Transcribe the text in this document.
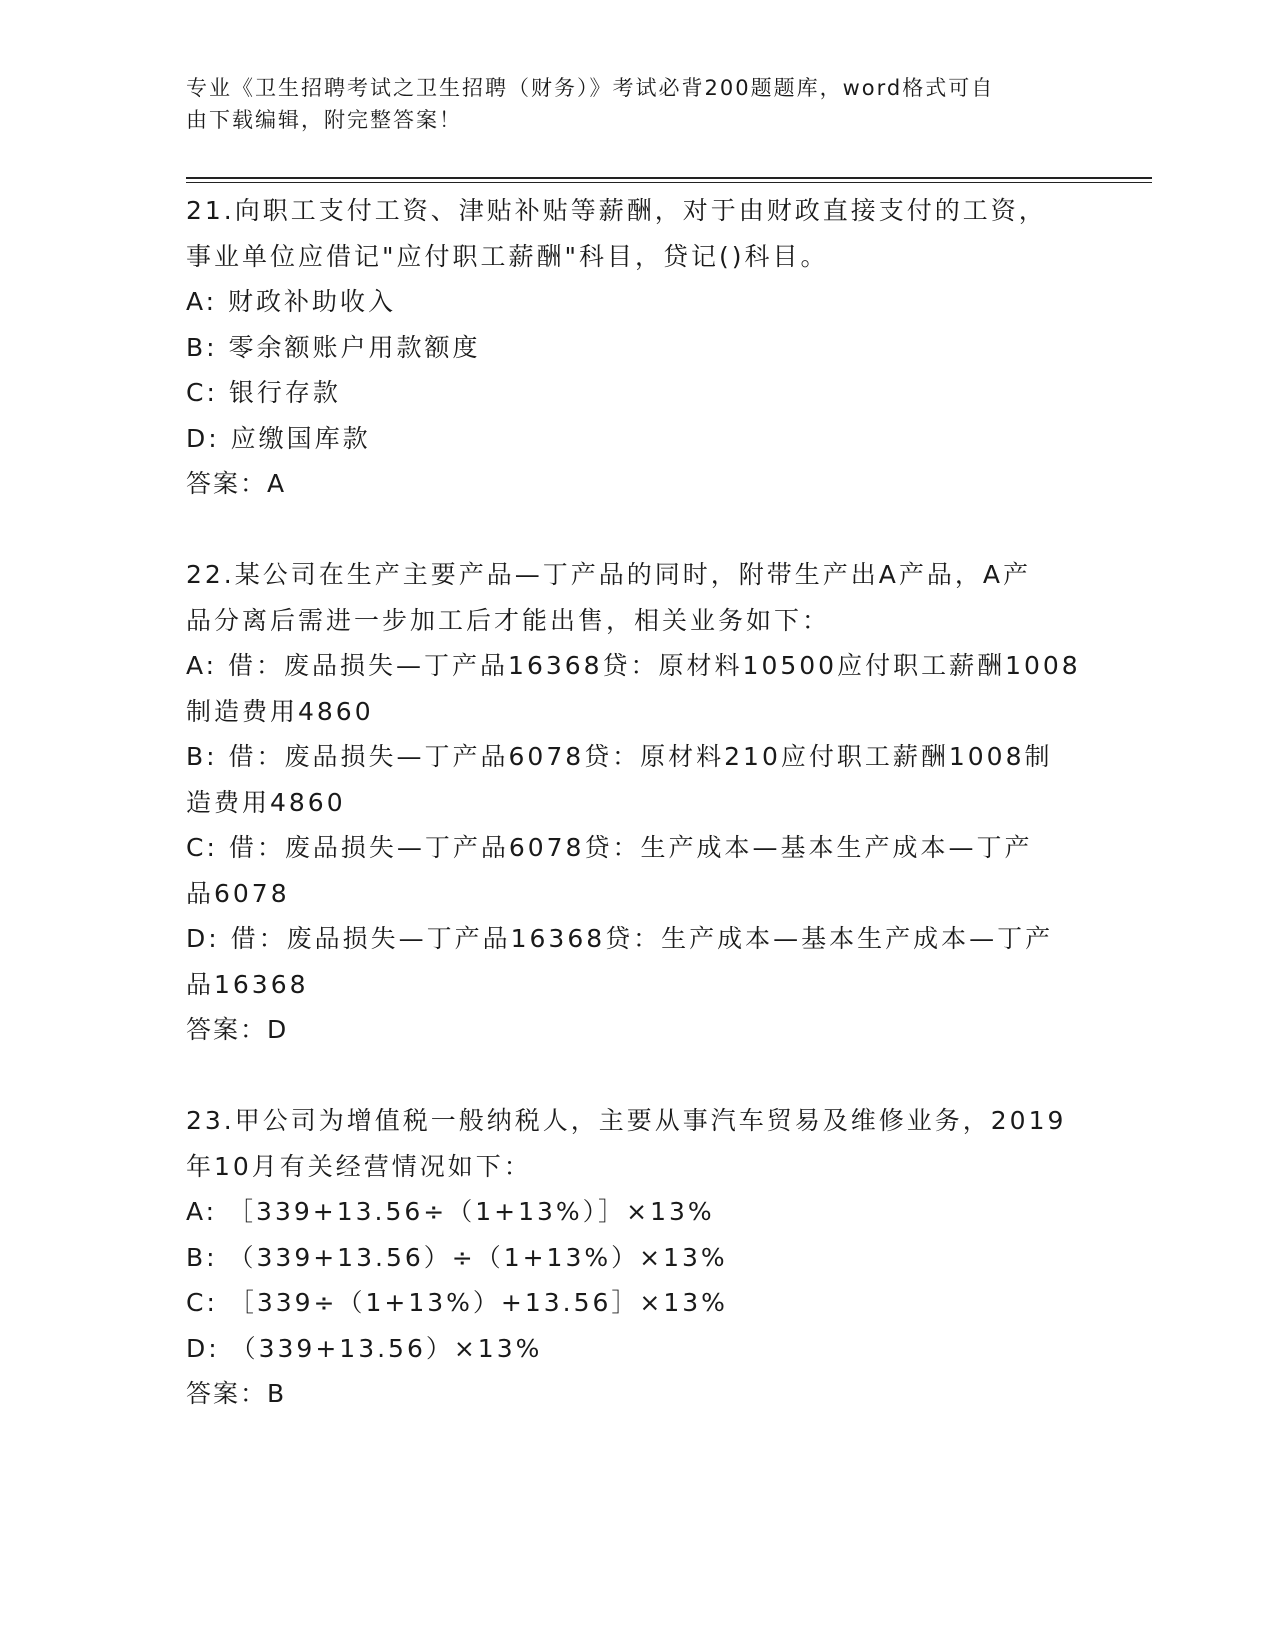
专业《卫生招聘考试之卫生招聘（财务）》考试必背200题题库，word格式可自
由下载编辑，附完整答案！
21.向职工支付工资、津贴补贴等薪酬，对于由财政直接支付的工资，
事业单位应借记"应付职工薪酬"科目，贷记()科目。
A: 财政补助收入
B: 零余额账户用款额度
C: 银行存款
D: 应缴国库款
答案：A
22.某公司在生产主要产品—丁产品的同时，附带生产出A产品，A产
品分离后需进一步加工后才能出售，相关业务如下：
A: 借：废品损失—丁产品16368贷：原材料10500应付职工薪酬1008
制造费用4860
B: 借：废品损失—丁产品6078贷：原材料210应付职工薪酬1008制
造费用4860
C: 借：废品损失—丁产品6078贷：生产成本—基本生产成本—丁产
品6078
D: 借：废品损失—丁产品16368贷：生产成本—基本生产成本—丁产
品16368
答案：D
23.甲公司为增值税一般纳税人，主要从事汽车贸易及维修业务，2019
年10月有关经营情况如下：
A: ［339+13.56÷（1+13%）］×13%
B: （339+13.56）÷（1+13%）×13%
C: ［339÷（1+13%）+13.56］×13%
D: （339+13.56）×13%
答案：B
